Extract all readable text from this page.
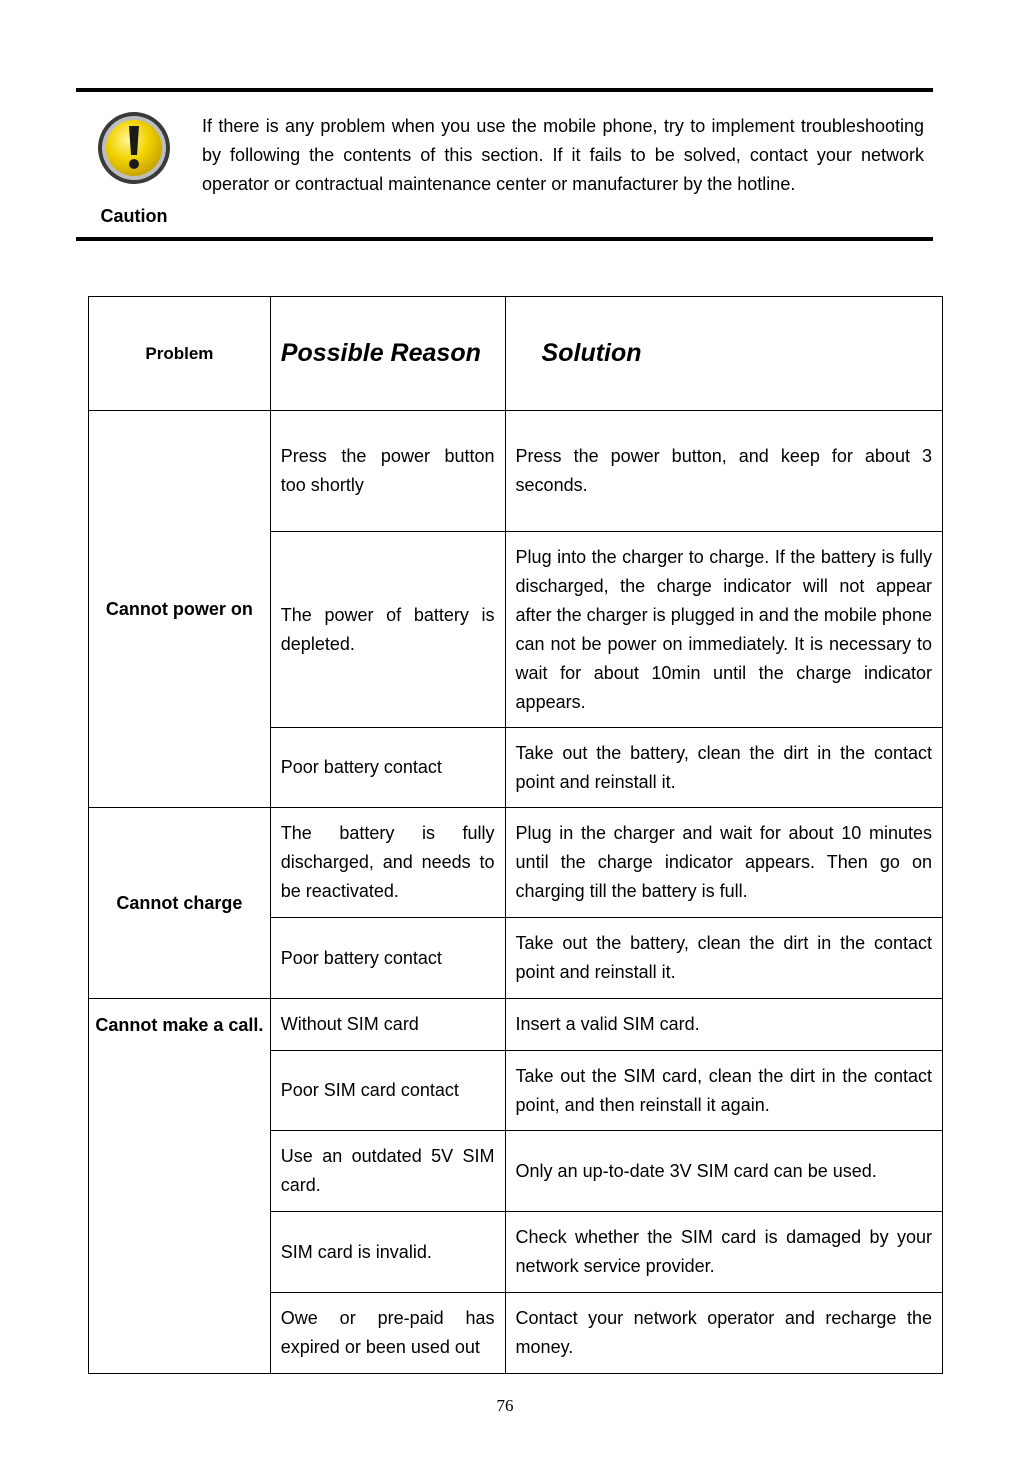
Caution
If there is any problem when you use the mobile phone, try to implement troubleshooting by following the contents of this section. If it fails to be solved, contact your network operator or contractual maintenance center or manufacturer by the hotline.
Problem	Possible Reason	Solution
Cannot power on	Press the power button too shortly	Press the power button, and keep for about 3 seconds.
	The power of battery is depleted.	Plug into the charger to charge. If the battery is fully discharged, the charge indicator will not appear after the charger is plugged in and the mobile phone can not be power on immediately. It is necessary to wait for about 10min until the charge indicator appears.
	Poor battery contact	Take out the battery, clean the dirt in the contact point and reinstall it.
Cannot charge	The battery is fully discharged, and needs to be reactivated.	Plug in the charger and wait for about 10 minutes until the charge indicator appears. Then go on charging till the battery is full.
	Poor battery contact	Take out the battery, clean the dirt in the contact point and reinstall it.
Cannot make a call.	Without SIM card	Insert a valid SIM card.
	Poor SIM card contact	Take out the SIM card, clean the dirt in the contact point, and then reinstall it again.
	Use an outdated 5V SIM card.	Only an up-to-date 3V SIM card can be used.
	SIM card is invalid.	Check whether the SIM card is damaged by your network service provider.
	Owe or pre-paid has expired or been used out	Contact your network operator and recharge the money.
76
